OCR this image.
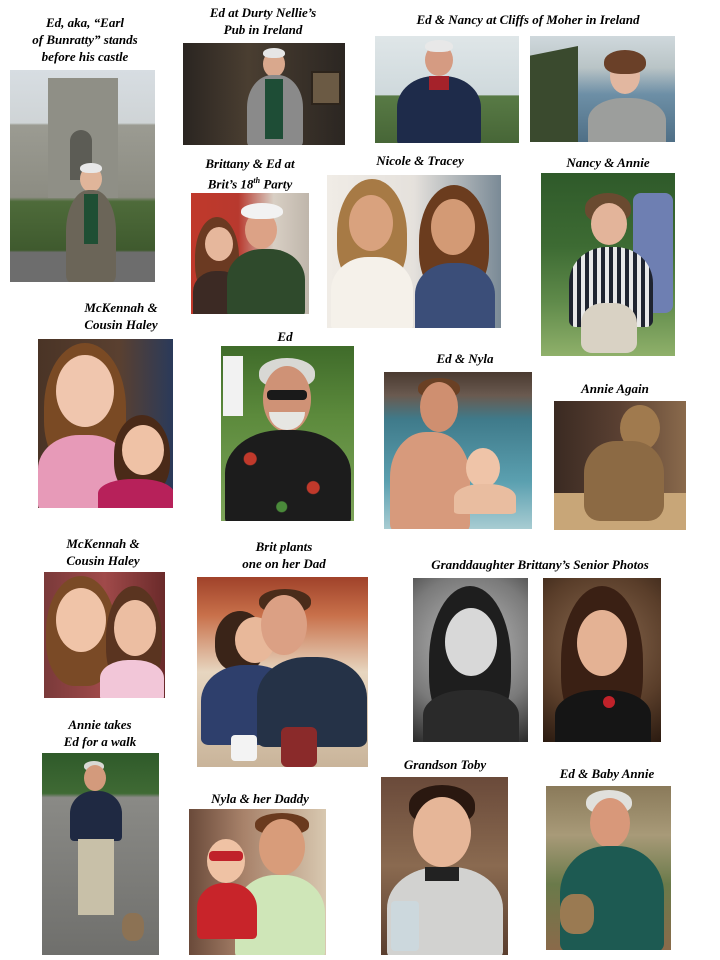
Ed, aka, “Earl
of Bunratty” stands
before his castle
Ed at Durty Nellie’s
Pub in Ireland
Ed & Nancy at Cliffs of Moher in Ireland
Brittany & Ed at
Brit’s 18th Party
Nicole & Tracey	Nancy & Annie
McKennah &
Cousin Haley
Ed
Ed & Nyla
Annie Again
McKennah &
Cousin Haley
Brit plants
one on her Dad	Granddaughter Brittany’s Senior Photos
Annie takes
Ed for a walk
Nyla & her Daddy
Grandson Toby
Ed & Baby Annie
